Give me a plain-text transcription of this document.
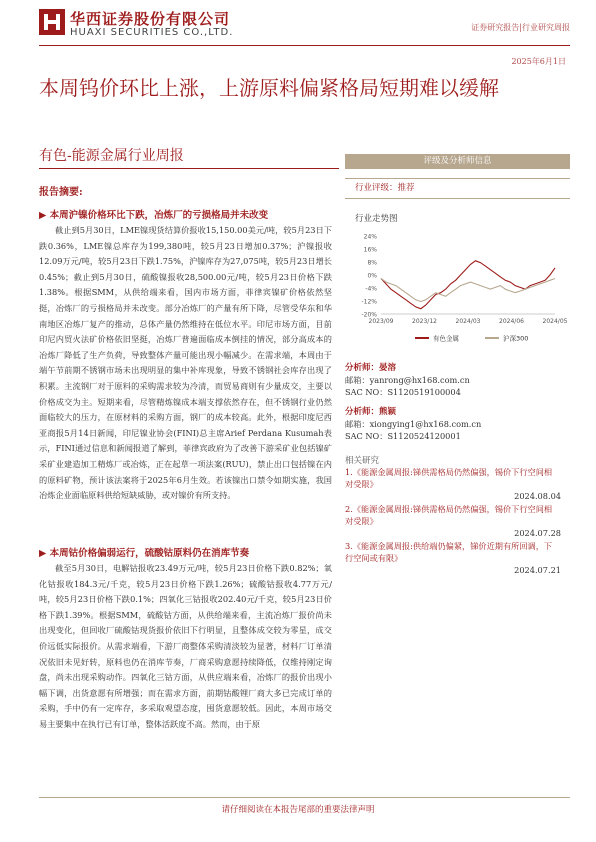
华西证券股份有限公司
HUAXI SECURITIES CO.,LTD.	证券研究报告|行业研究周报
2025年6月1日
本周钨价环比上涨，上游原料偏紧格局短期难以缓解
有色-能源金属行业周报
报告摘要:
▶ 本周沪镍价格环比下跌，冶炼厂的亏损格局并未改变
截止到5月30日，LME镍现货结算价报收15,150.00美元/吨，较5月23日下跌0.36%，LME镍总库存为199,380吨，较5月23日增加0.37%；沪镍报收12.09万元/吨，较5月23日下跌1.75%，沪镍库存为27,075吨，较5月23日增长0.45%；截止到5月30日，硫酸镍报收28,500.00元/吨，较5月23日价格下跌1.38%。根据SMM，从供给端来看，国内市场方面，菲律宾镍矿价格依然坚挺，冶炼厂的亏损格局并未改变。部分冶炼厂的产量有所下降，尽管受华东和华南地区冶炼厂复产的推动，总体产量仍然维持在低位水平。印尼市场方面，目前印尼内贸火法矿价格依旧坚挺，冶炼厂普遍面临成本倒挂的情况，部分高成本的冶炼厂降低了生产负荷，导致整体产量可能出现小幅减少。在需求端，本周由于端午节前期不锈钢市场未出现明显的集中补库现象，导致不锈钢社会库存出现了积累。主流钢厂对于原料的采购需求较为冷清，而贸易商则有少量成交，主要以价格成交为主。短期来看，尽管精炼镍成本端支撑依然存在，但不锈钢行业仍然面临较大的压力，在原材料的采购方面，钢厂的成本较高。此外，根据印度尼西亚商报5月14日新闻，印尼镍业协会(FINI)总主席Arief Perdana Kusumah表示，FINI通过信息和新闻报道了解到，菲律宾政府为了改善下游采矿业包括镍矿采矿业建造加工精炼厂或冶炼，正在起草一项法案(RUU)，禁止出口包括镍在内的原料矿物，预计该法案将于2025年6月生效。若该镍出口禁令如期实施，我国冶炼企业面临原料供给短缺威胁，或对镍价有所支持。
▶ 本周钴价格偏弱运行，硫酸钴原料仍在消库节奏
截至5月30日，电解钴报收23.49万元/吨，较5月23日价格下跌0.82%；氧化钴报收184.3元/千克，较5月23日价格下跌1.26%；硫酸钴报收4.77万元/吨，较5月23日价格下跌0.1%；四氧化三钴报收202.40元/千克，较5月23日价格下跌1.39%。根据SMM，硫酸钴方面，从供给端来看，主流冶炼厂报价尚未出现变化，但回收厂硫酸钴现货报价依旧下行明显，且整体成交较为零星，成交价远低实际报价。从需求端看，下游厂商整体采购清淡较为显著，材料厂订单清况依旧未见好转，原料也仍在消库节奏，厂商采购意愿持续降低，仅维持刚定询盘，尚未出现采购动作。四氧化三钴方面，从供应端来看，冶炼厂的报价出现小幅下调，出货意愿有所增强；而在需求方面，前期钴酸锂厂商大多已完成订单的采购，手中仍有一定库存，多采取观望态度，囤货意愿较低。因此，本周市场交易主要集中在执行已有订单，整体活跃度不高。然而，由于原
评级及分析师信息
行业评级：推荐
行业走势图
24%
16%
8%
0%
-4%
-12%
-20%
2023/09	2023/12	2024/03	2024/06	2024/05
有色金属	沪深300
分析师：晏溶
邮箱：yanrong@hx168.com.cn
SAC NO：S1120519100004
分析师：熊颖
邮箱：xiongying1@hx168.com.cn
SAC NO：S1120524120001
相关研究
1.《能源金属周报:锑供需格局仍然偏强，锡价下行空间相对受限》
2024.08.04
2.《能源金属周报:锑供需格局仍然偏强，锡价下行空间相对受限》
2024.07.28
3.《能源金属周报:供给端仍偏紧，锑价近期有所回调，下行空间或有限》
2024.07.21
请仔细阅读在本报告尾部的重要法律声明
